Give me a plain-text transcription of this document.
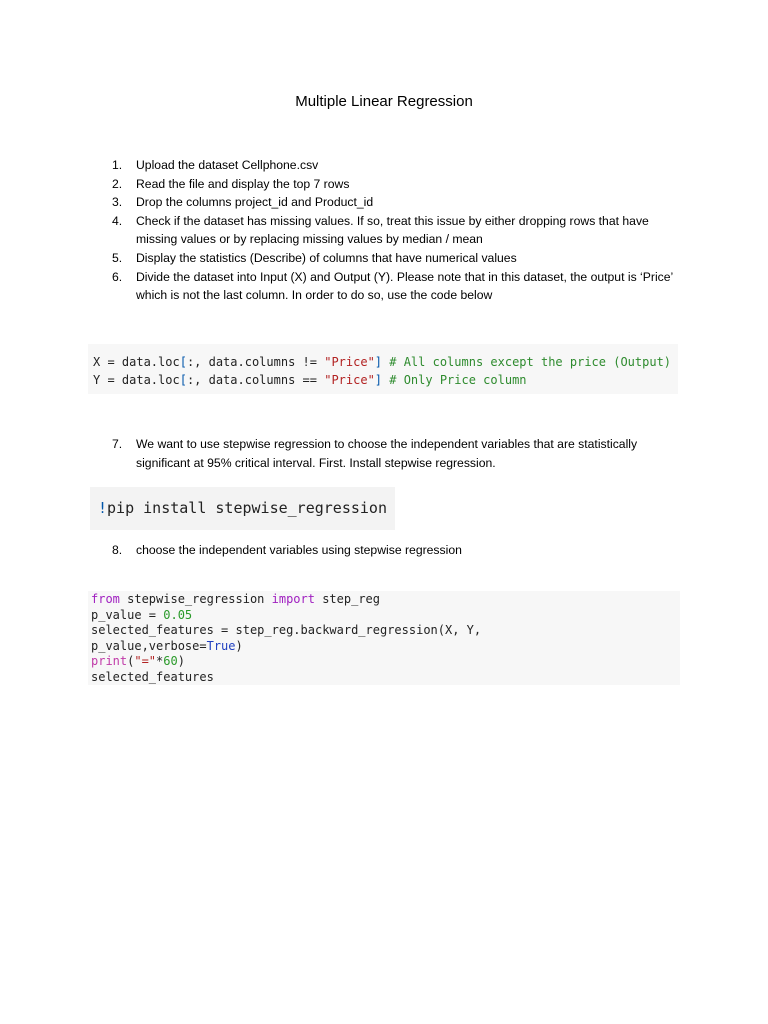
Multiple Linear Regression
1.	Upload the dataset Cellphone.csv
2.	Read the file and display the top 7 rows
3.	Drop the columns project_id and Product_id
4.	Check if the dataset has missing values. If so, treat this issue by either dropping rows that have missing values or by replacing missing values by median / mean
5.	Display the statistics (Describe) of columns that have numerical values
6.	Divide the dataset into Input (X) and Output (Y). Please note that in this dataset, the output is ‘Price’ which is not the last column. In order to do so, use the code below
X = data.loc[:, data.columns != "Price"] # All columns except the price (Output)
Y = data.loc[:, data.columns == "Price"] # Only Price column
7.	We want to use stepwise regression to choose the independent variables that are statistically significant at 95% critical interval. First. Install stepwise regression.
!pip install stepwise_regression
8.	choose the independent variables using stepwise regression
from stepwise_regression import step_reg
p_value = 0.05
selected_features = step_reg.backward_regression(X, Y,
p_value,verbose=True)
print("="*60)
selected_features
